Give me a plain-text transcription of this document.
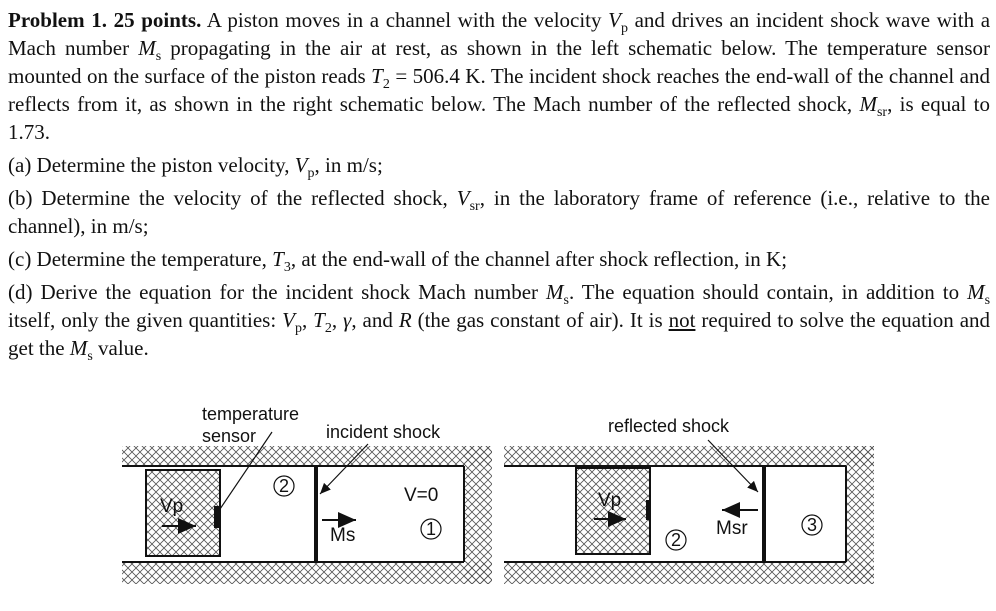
Problem 1. 25 points. A piston moves in a channel with the velocity $V_p$ and drives an incident shock wave with a Mach number $M_s$ propagating in the air at rest, as shown in the left schematic below. The temperature sensor mounted on the surface of the piston reads $T_2 = 506.4$ K. The incident shock reaches the end-wall of the channel and reflects from it, as shown in the right schematic below. The Mach number of the reflected shock, $M_{sr}$, is equal to 1.73.

(a) Determine the piston velocity, $V_p$, in m/s;

(b) Determine the velocity of the reflected shock, $V_{sr}$, in the laboratory frame of reference (i.e., relative to the channel), in m/s;

(c) Determine the temperature, $T_3$, at the end-wall of the channel after shock reflection, in K;

(d) Derive the equation for the incident shock Mach number $M_s$. The equation should contain, in addition to $M_s$ itself, only the given quantities: $V_p$, $T_2$, γ, and R (the gas constant of air). It is not required to solve the equation and get the $M_s$ value.

Vp
Ms
2	V=0
1
temperature
sensor	incident shock
Vp
2
Msr	3
reflected shock
